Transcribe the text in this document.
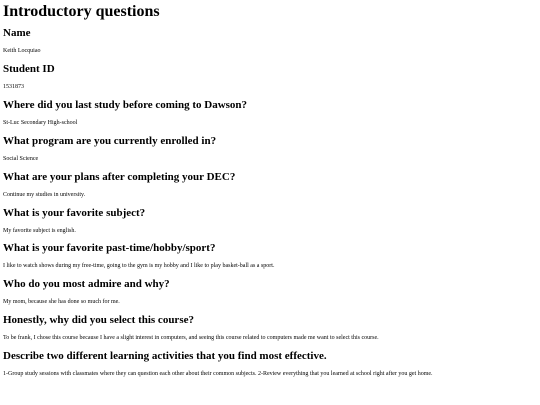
Introductory questions
Name

Keith Locquiao

Student ID

1531873

Where did you last study before coming to Dawson?

St-Luc Secondary High-school

What program are you currently enrolled in?

Social Science

What are your plans after completing your DEC?

Continue my studies in university.

What is your favorite subject?

My favorite subject is english.

What is your favorite past-time/hobby/sport?

I like to watch shows during my free-time, going to the gym is my hobby and I like to play basket-ball as a sport.

Who do you most admire and why?

My mom, because she has done so much for me.

Honestly, why did you select this course?

To be frank, I chose this course because I have a slight interest in computers, and seeing this course related to computers made me want to select this course.

Describe two different learning activities that you find most effective.

1-Group study sessions with classmates where they can question each other about their common subjects. 2-Review everything that you learned at school right after you get home.
